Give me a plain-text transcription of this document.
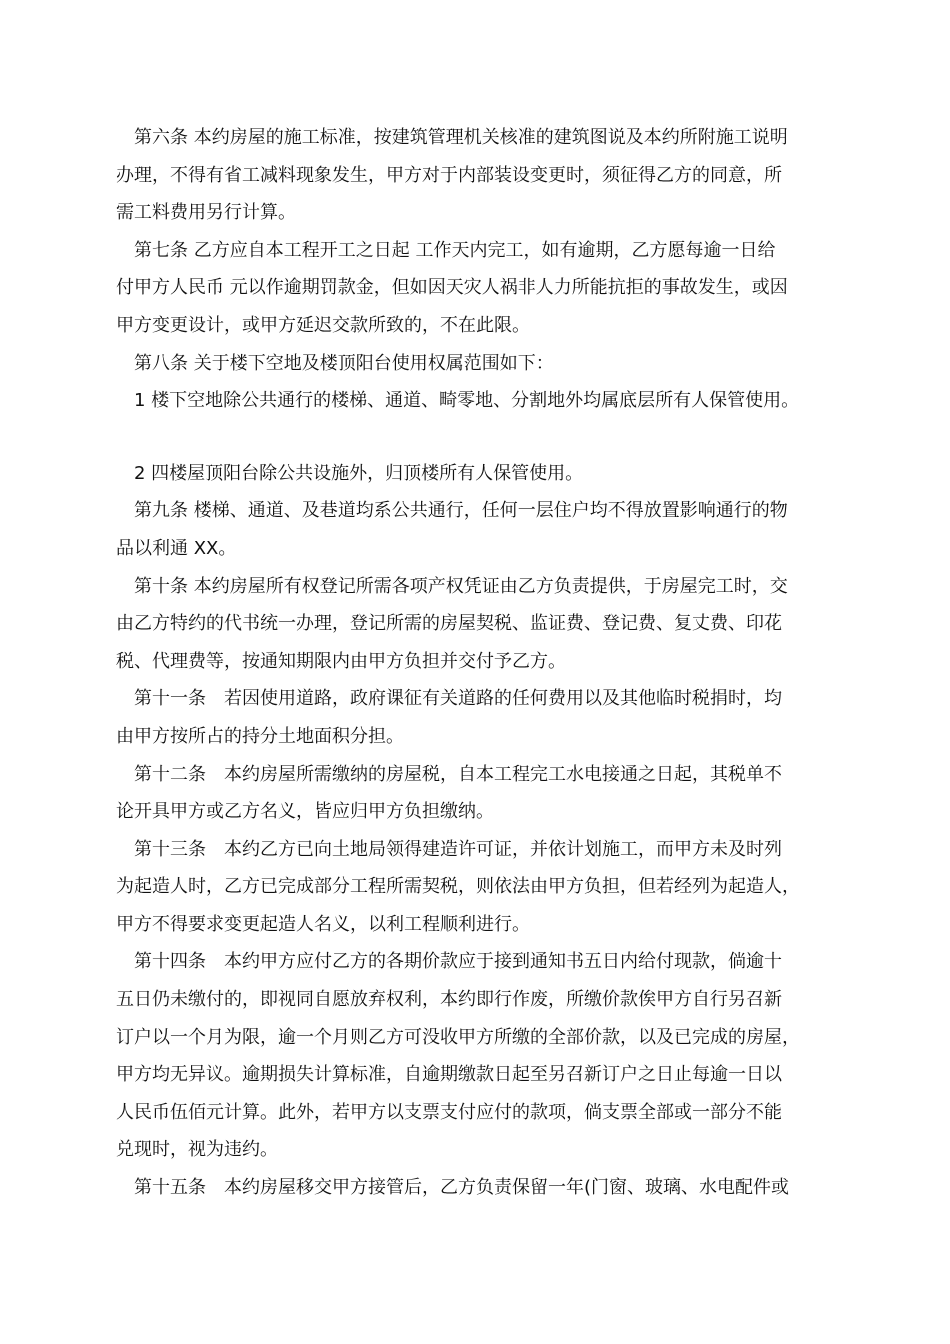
　第六条 本约房屋的施工标准，按建筑管理机关核准的建筑图说及本约所附施工说明
办理，不得有省工减料现象发生，甲方对于内部装设变更时，须征得乙方的同意，所
需工料费用另行计算。
　第七条 乙方应自本工程开工之日起 工作天内完工，如有逾期，乙方愿每逾一日给
付甲方人民币 元以作逾期罚款金，但如因天灾人祸非人力所能抗拒的事故发生，或因
甲方变更设计，或甲方延迟交款所致的，不在此限。
　第八条 关于楼下空地及楼顶阳台使用权属范围如下：
　1 楼下空地除公共通行的楼梯、通道、畸零地、分割地外均属底层所有人保管使用。
　2 四楼屋顶阳台除公共设施外，归顶楼所有人保管使用。
　第九条 楼梯、通道、及巷道均系公共通行，任何一层住户均不得放置影响通行的物
品以利通 XX。
　第十条 本约房屋所有权登记所需各项产权凭证由乙方负责提供，于房屋完工时，交
由乙方特约的代书统一办理，登记所需的房屋契税、监证费、登记费、复丈费、印花
税、代理费等，按通知期限内由甲方负担并交付予乙方。
　第十一条　若因使用道路，政府课征有关道路的任何费用以及其他临时税捐时，均
由甲方按所占的持分土地面积分担。
　第十二条　本约房屋所需缴纳的房屋税，自本工程完工水电接通之日起，其税单不
论开具甲方或乙方名义，皆应归甲方负担缴纳。
　第十三条　本约乙方已向土地局领得建造许可证，并依计划施工，而甲方未及时列
为起造人时，乙方已完成部分工程所需契税，则依法由甲方负担，但若经列为起造人，
甲方不得要求变更起造人名义，以利工程顺利进行。
　第十四条　本约甲方应付乙方的各期价款应于接到通知书五日内给付现款，倘逾十
五日仍未缴付的，即视同自愿放弃权利，本约即行作废，所缴价款俟甲方自行另召新
订户以一个月为限，逾一个月则乙方可没收甲方所缴的全部价款，以及已完成的房屋，
甲方均无异议。逾期损失计算标准，自逾期缴款日起至另召新订户之日止每逾一日以
人民币伍佰元计算。此外，若甲方以支票支付应付的款项，倘支票全部或一部分不能
兑现时，视为违约。
　第十五条　本约房屋移交甲方接管后，乙方负责保留一年(门窗、玻璃、水电配件或
